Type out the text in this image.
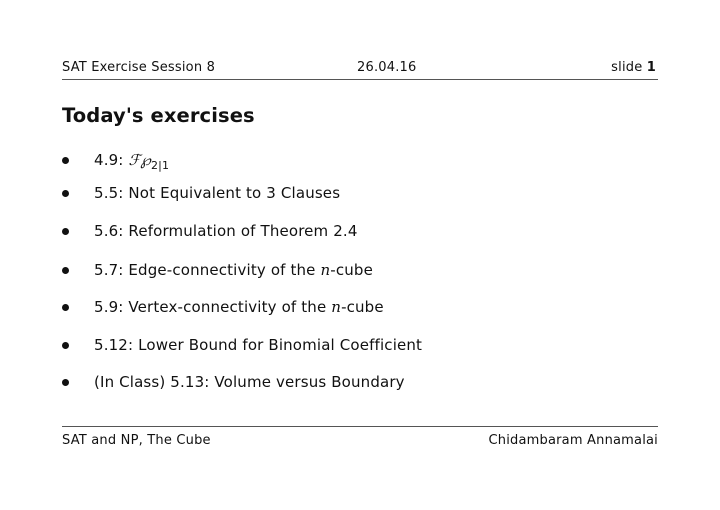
SAT Exercise Session 8	26.04.16	slide 1
Today's exercises
4.9: $ℱ℘_{2|1}$
5.5: Not Equivalent to 3 Clauses
5.6: Reformulation of Theorem 2.4
5.7: Edge-connectivity of the n-cube
5.9: Vertex-connectivity of the n-cube
5.12: Lower Bound for Binomial Coefficient
(In Class) 5.13: Volume versus Boundary
SAT and NP, The Cube	Chidambaram Annamalai
